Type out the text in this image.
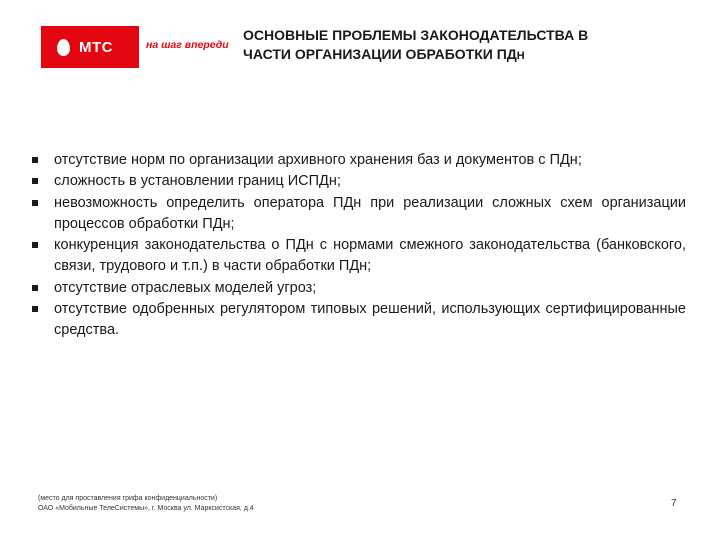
МТС	на шаг впереди
ОСНОВНЫЕ ПРОБЛЕМЫ ЗАКОНОДАТЕЛЬСТВА В
ЧАСТИ ОРГАНИЗАЦИИ ОБРАБОТКИ ПДН
отсутствие норм по организации архивного хранения баз и документов с ПДн;
сложность в установлении границ ИСПДн;
невозможность определить оператора ПДн при реализации сложных схем организации процессов обработки ПДн;
конкуренция законодательства о ПДн с нормами смежного законодательства (банковского, связи, трудового и т.п.) в части обработки ПДн;
отсутствие отраслевых моделей угроз;
отсутствие одобренных регулятором типовых решений, использующих сертифицированные средства.
(место для проставления грифа конфиденциальности)
ОАО «Мобильные ТелеСистемы», г. Москва ул. Марксистская, д.4	7
